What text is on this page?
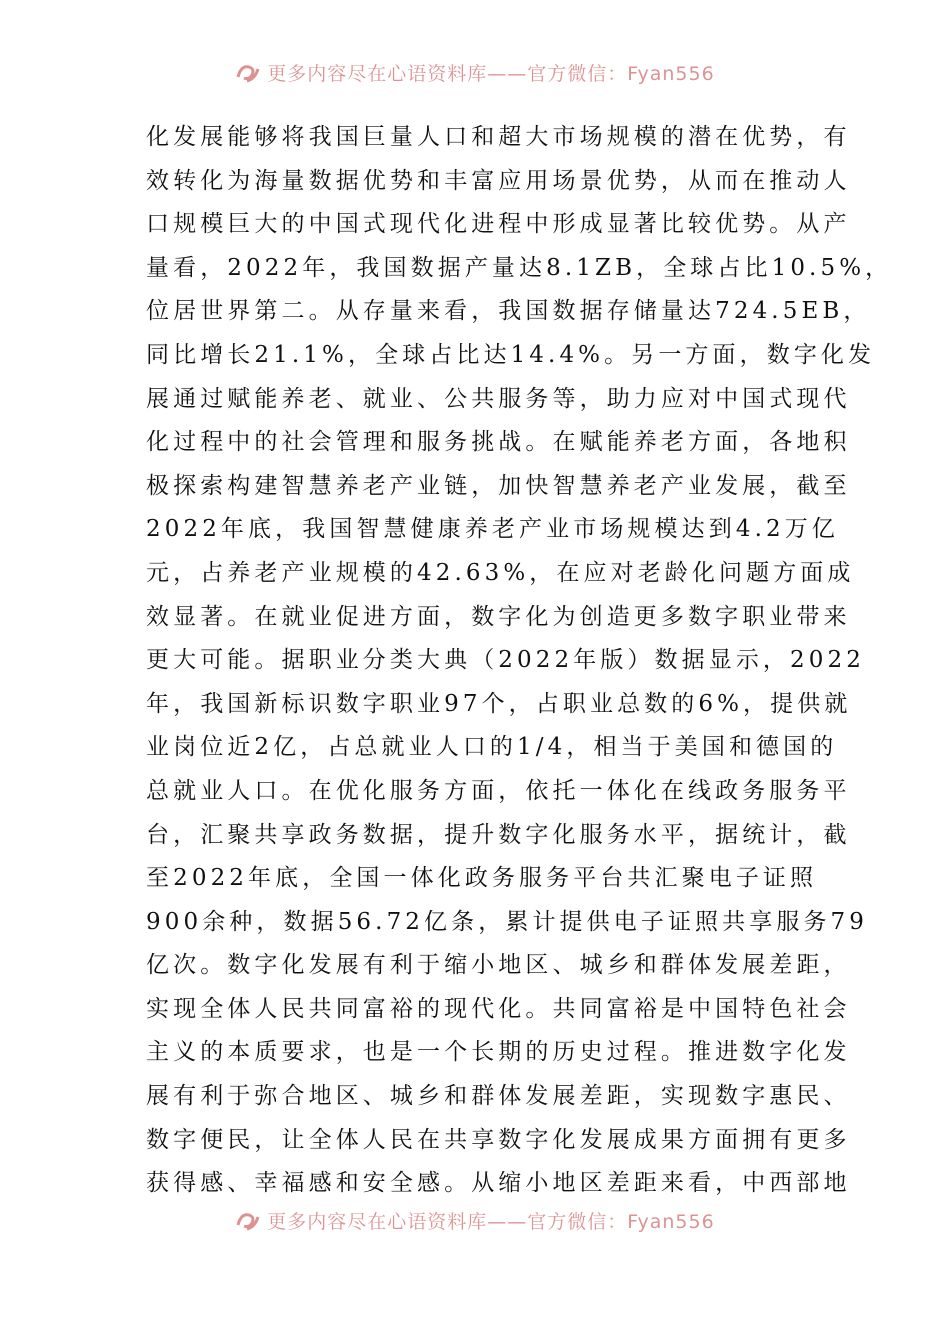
更多内容尽在心语资料库——官方微信：Fyan556
化发展能够将我国巨量人口和超大市场规模的潜在优势，有
效转化为海量数据优势和丰富应用场景优势，从而在推动人
口规模巨大的中国式现代化进程中形成显著比较优势。从产
量看，2022年，我国数据产量达8.1ZB，全球占比10.5%，
位居世界第二。从存量来看，我国数据存储量达724.5EB，
同比增长21.1%，全球占比达14.4%。另一方面，数字化发
展通过赋能养老、就业、公共服务等，助力应对中国式现代
化过程中的社会管理和服务挑战。在赋能养老方面，各地积
极探索构建智慧养老产业链，加快智慧养老产业发展，截至
2022年底，我国智慧健康养老产业市场规模达到4.2万亿
元，占养老产业规模的42.63%，在应对老龄化问题方面成
效显著。在就业促进方面，数字化为创造更多数字职业带来
更大可能。据职业分类大典（2022年版）数据显示，2022
年，我国新标识数字职业97个，占职业总数的6%，提供就
业岗位近2亿，占总就业人口的1/4，相当于美国和德国的
总就业人口。在优化服务方面，依托一体化在线政务服务平
台，汇聚共享政务数据，提升数字化服务水平，据统计，截
至2022年底，全国一体化政务服务平台共汇聚电子证照
900余种，数据56.72亿条，累计提供电子证照共享服务79
亿次。数字化发展有利于缩小地区、城乡和群体发展差距，
实现全体人民共同富裕的现代化。共同富裕是中国特色社会
主义的本质要求，也是一个长期的历史过程。推进数字化发
展有利于弥合地区、城乡和群体发展差距，实现数字惠民、
数字便民，让全体人民在共享数字化发展成果方面拥有更多
获得感、幸福感和安全感。从缩小地区差距来看，中西部地
更多内容尽在心语资料库——官方微信：Fyan556
